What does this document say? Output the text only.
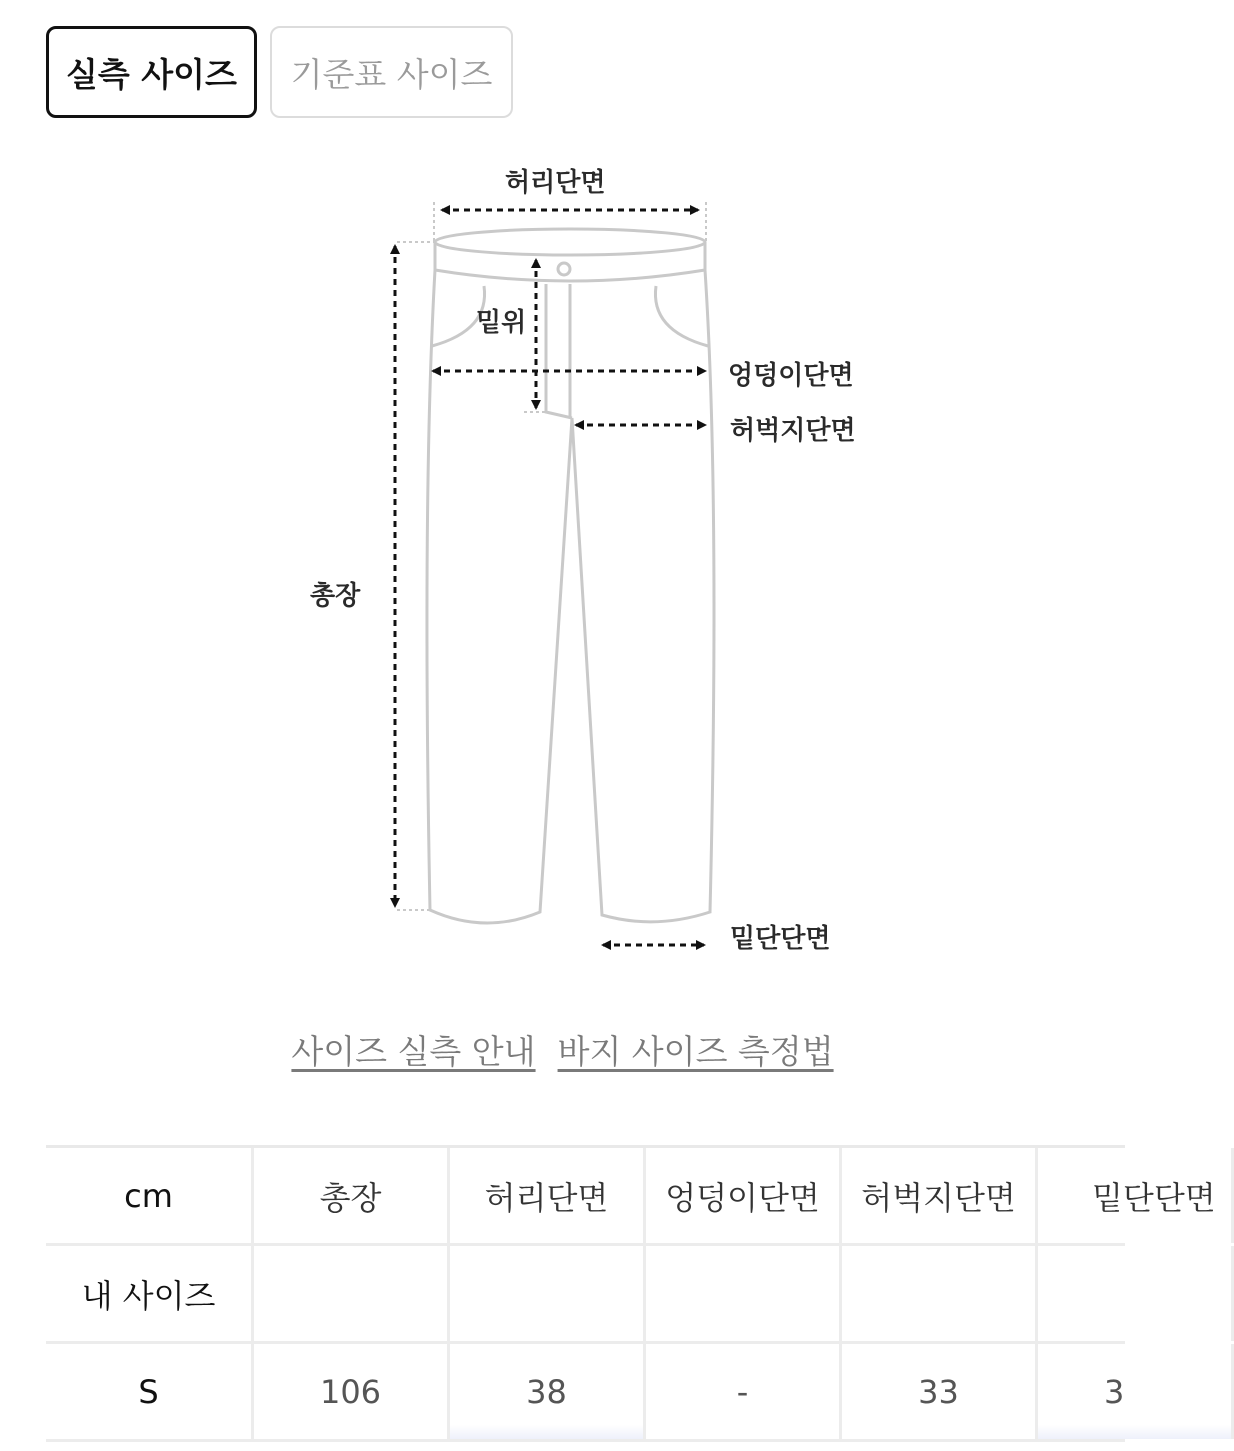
실측 사이즈	기준표 사이즈
허리단면
밑위
엉덩이단면
허벅지단면
총장
밑단단면
사이즈 실측 안내 바지 사이즈 측정법
cm	총장	허리단면	엉덩이단면	허벅지단면	밑단단면
내 사이즈
S	106	38	-	33	3
